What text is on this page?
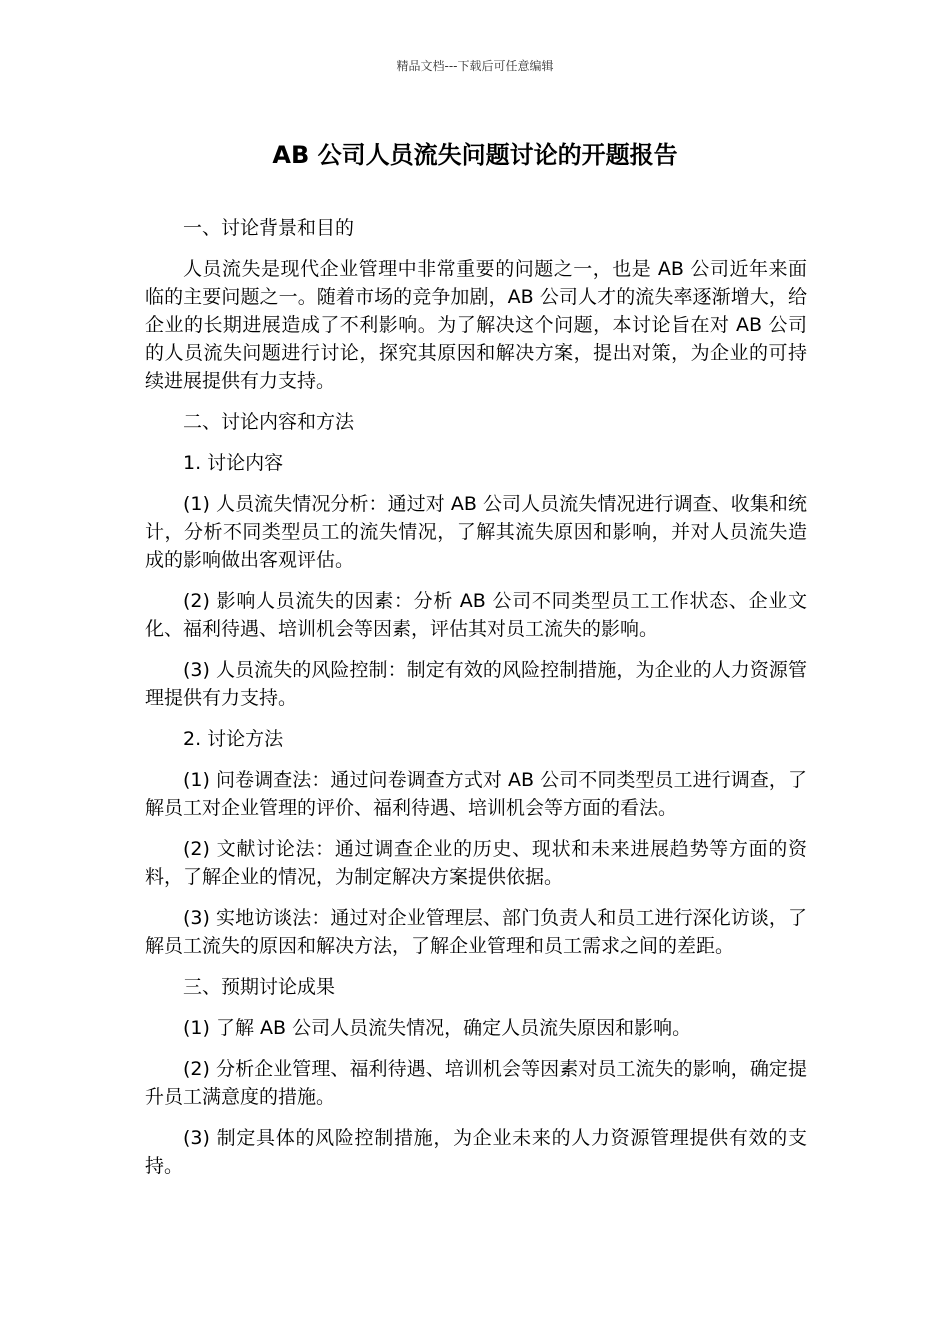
精品文档---下载后可任意编辑
AB 公司人员流失问题讨论的开题报告

一、讨论背景和目的

人员流失是现代企业管理中非常重要的问题之一，也是 AB 公司近年来面临的主要问题之一。随着市场的竞争加剧，AB 公司人才的流失率逐渐增大，给企业的长期进展造成了不利影响。为了解决这个问题，本讨论旨在对 AB 公司的人员流失问题进行讨论，探究其原因和解决方案，提出对策，为企业的可持续进展提供有力支持。

二、讨论内容和方法

1. 讨论内容

(1) 人员流失情况分析：通过对 AB 公司人员流失情况进行调查、收集和统计，分析不同类型员工的流失情况，了解其流失原因和影响，并对人员流失造成的影响做出客观评估。

(2) 影响人员流失的因素：分析 AB 公司不同类型员工工作状态、企业文化、福利待遇、培训机会等因素，评估其对员工流失的影响。

(3) 人员流失的风险控制：制定有效的风险控制措施，为企业的人力资源管理提供有力支持。

2. 讨论方法

(1) 问卷调查法：通过问卷调查方式对 AB 公司不同类型员工进行调查，了解员工对企业管理的评价、福利待遇、培训机会等方面的看法。

(2) 文献讨论法：通过调查企业的历史、现状和未来进展趋势等方面的资料，了解企业的情况，为制定解决方案提供依据。

(3) 实地访谈法：通过对企业管理层、部门负责人和员工进行深化访谈，了解员工流失的原因和解决方法，了解企业管理和员工需求之间的差距。

三、预期讨论成果

(1) 了解 AB 公司人员流失情况，确定人员流失原因和影响。

(2) 分析企业管理、福利待遇、培训机会等因素对员工流失的影响，确定提升员工满意度的措施。

(3) 制定具体的风险控制措施，为企业未来的人力资源管理提供有效的支持。
